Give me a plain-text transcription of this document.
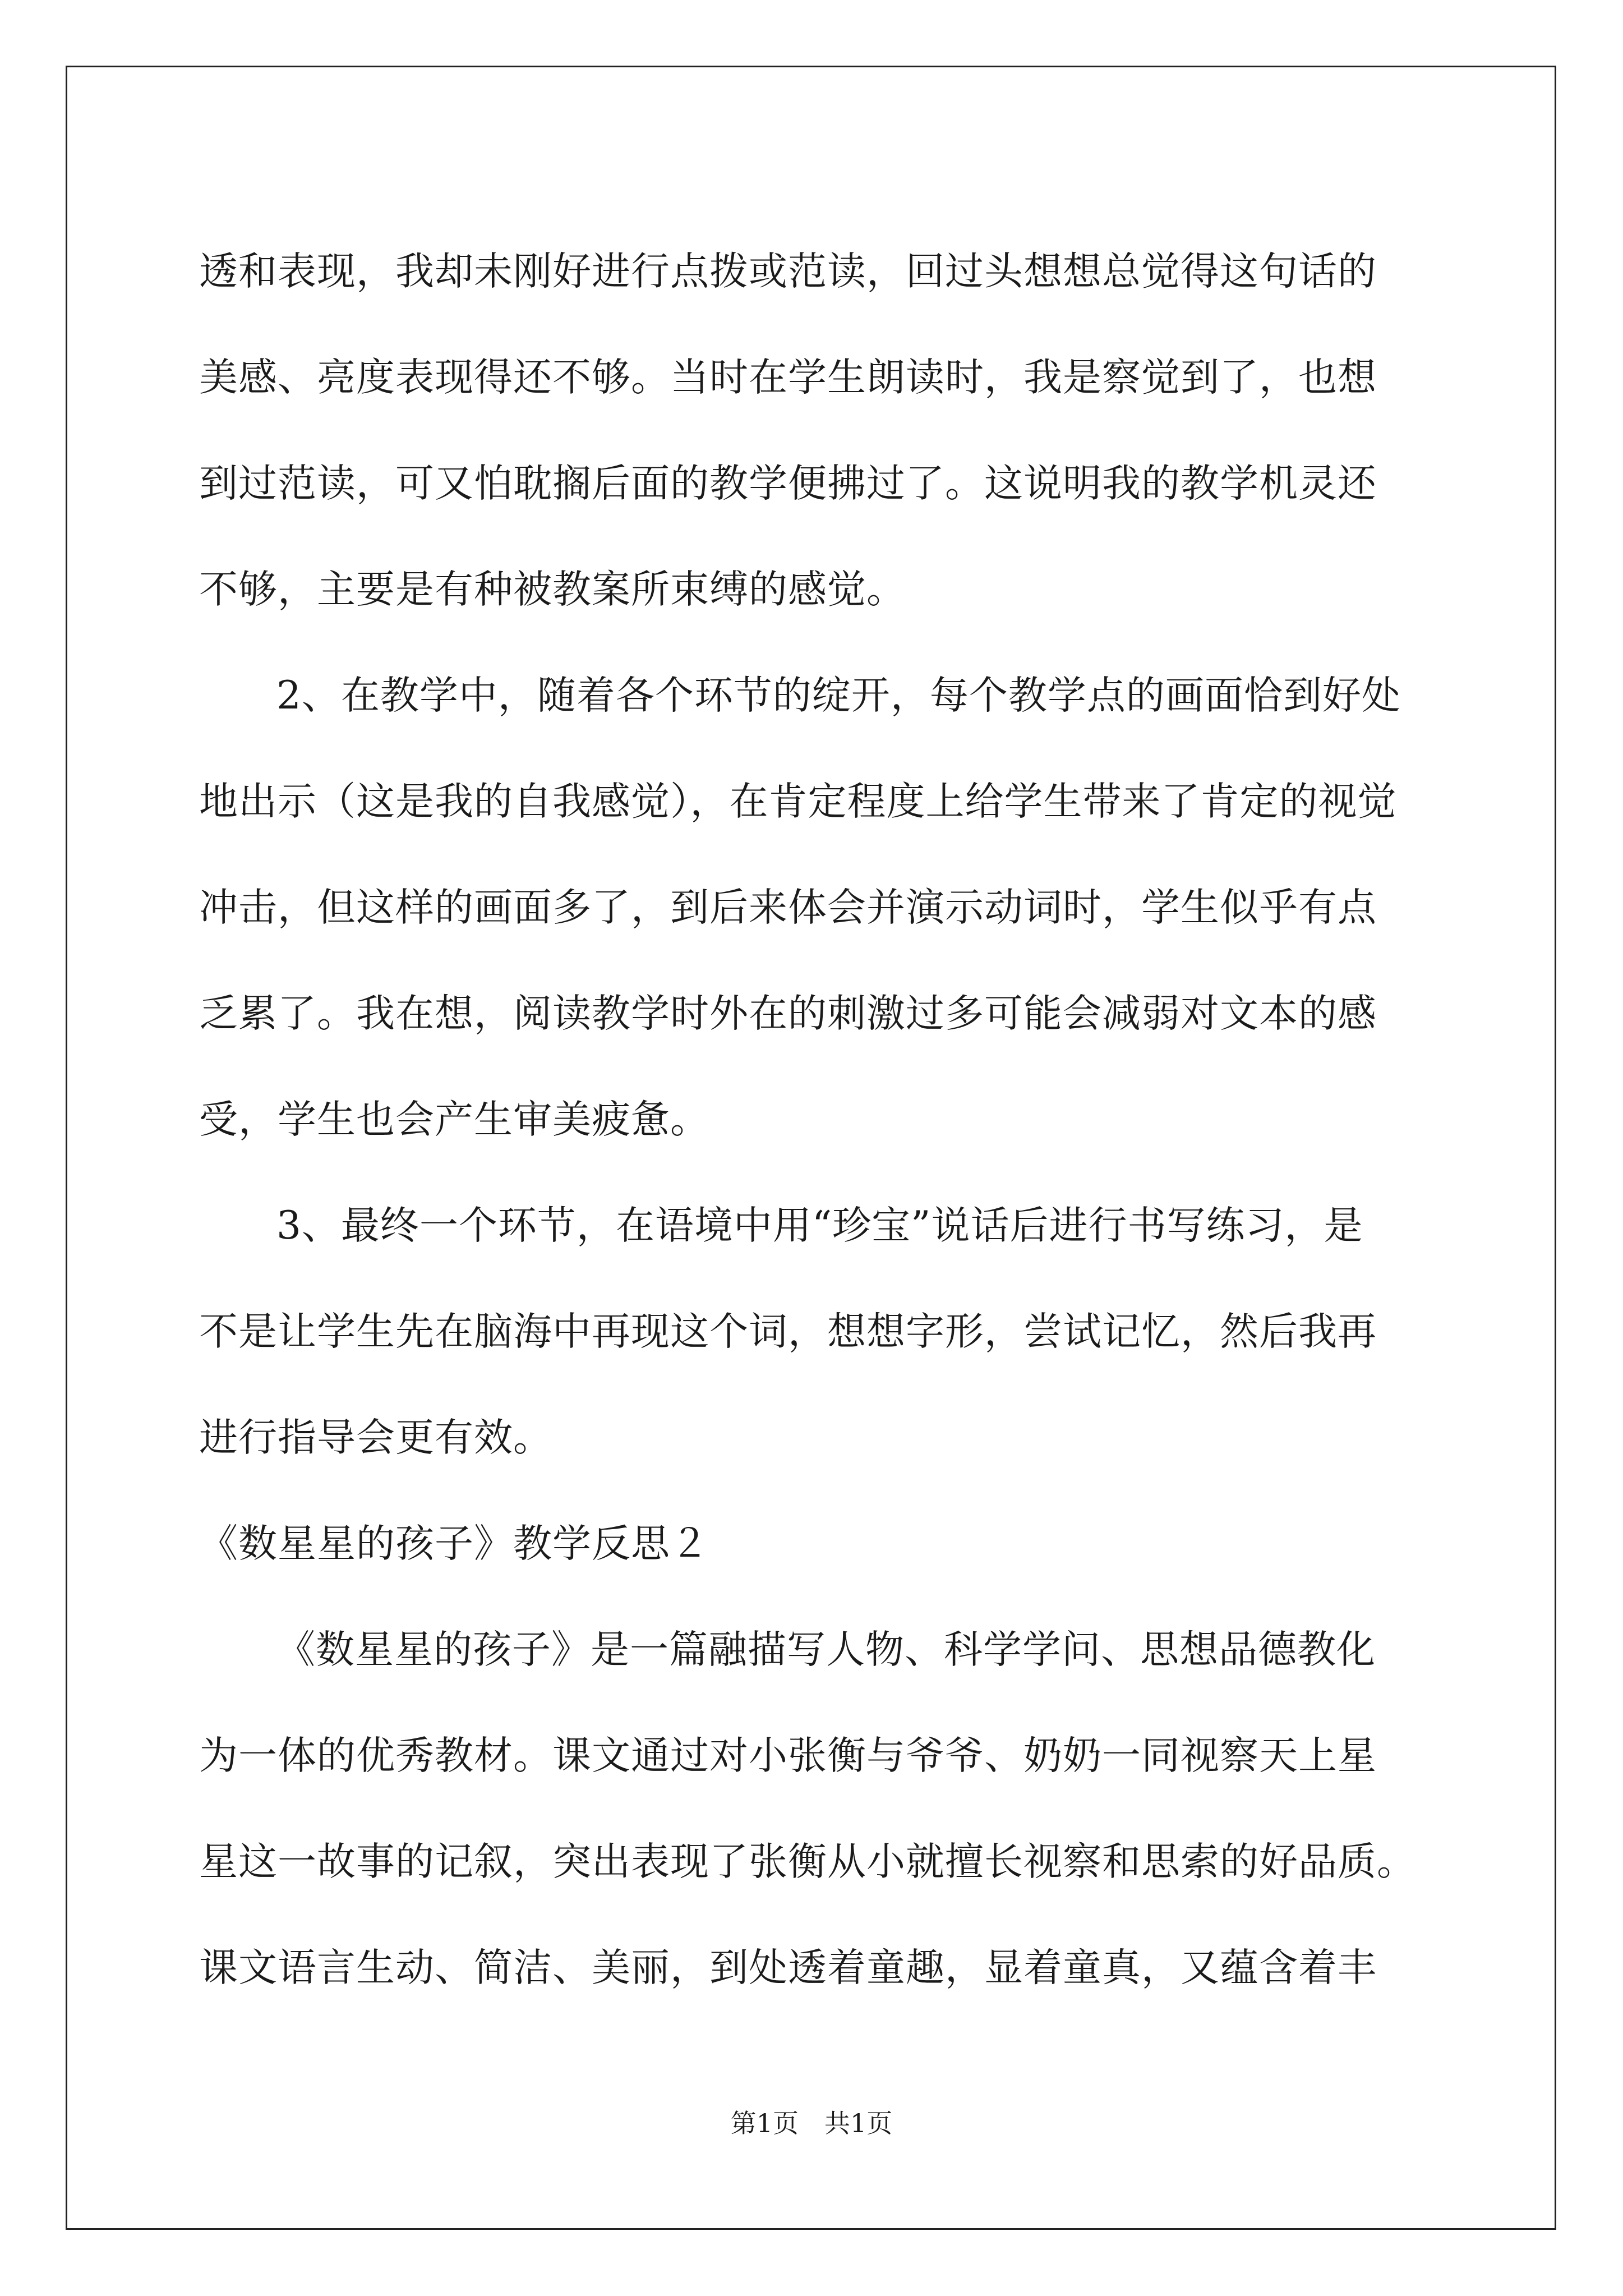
透和表现，我却未刚好进行点拨或范读，回过头想想总觉得这句话的
美感、亮度表现得还不够。当时在学生朗读时，我是察觉到了，也想
到过范读，可又怕耽搁后面的教学便拂过了。这说明我的教学机灵还
不够，主要是有种被教案所束缚的感觉。
2、在教学中，随着各个环节的绽开，每个教学点的画面恰到好处
地出示（这是我的自我感觉），在肯定程度上给学生带来了肯定的视觉
冲击，但这样的画面多了，到后来体会并演示动词时，学生似乎有点
乏累了。我在想，阅读教学时外在的刺激过多可能会减弱对文本的感
受，学生也会产生审美疲惫。
3、最终一个环节，在语境中用“珍宝”说话后进行书写练习，是
不是让学生先在脑海中再现这个词，想想字形，尝试记忆，然后我再
进行指导会更有效。
《数星星的孩子》教学反思２
《数星星的孩子》是一篇融描写人物、科学学问、思想品德教化
为一体的优秀教材。课文通过对小张衡与爷爷、奶奶一同视察天上星
星这一故事的记叙，突出表现了张衡从小就擅长视察和思索的好品质。
课文语言生动、简洁、美丽，到处透着童趣，显着童真，又蕴含着丰
第1页 共1页
